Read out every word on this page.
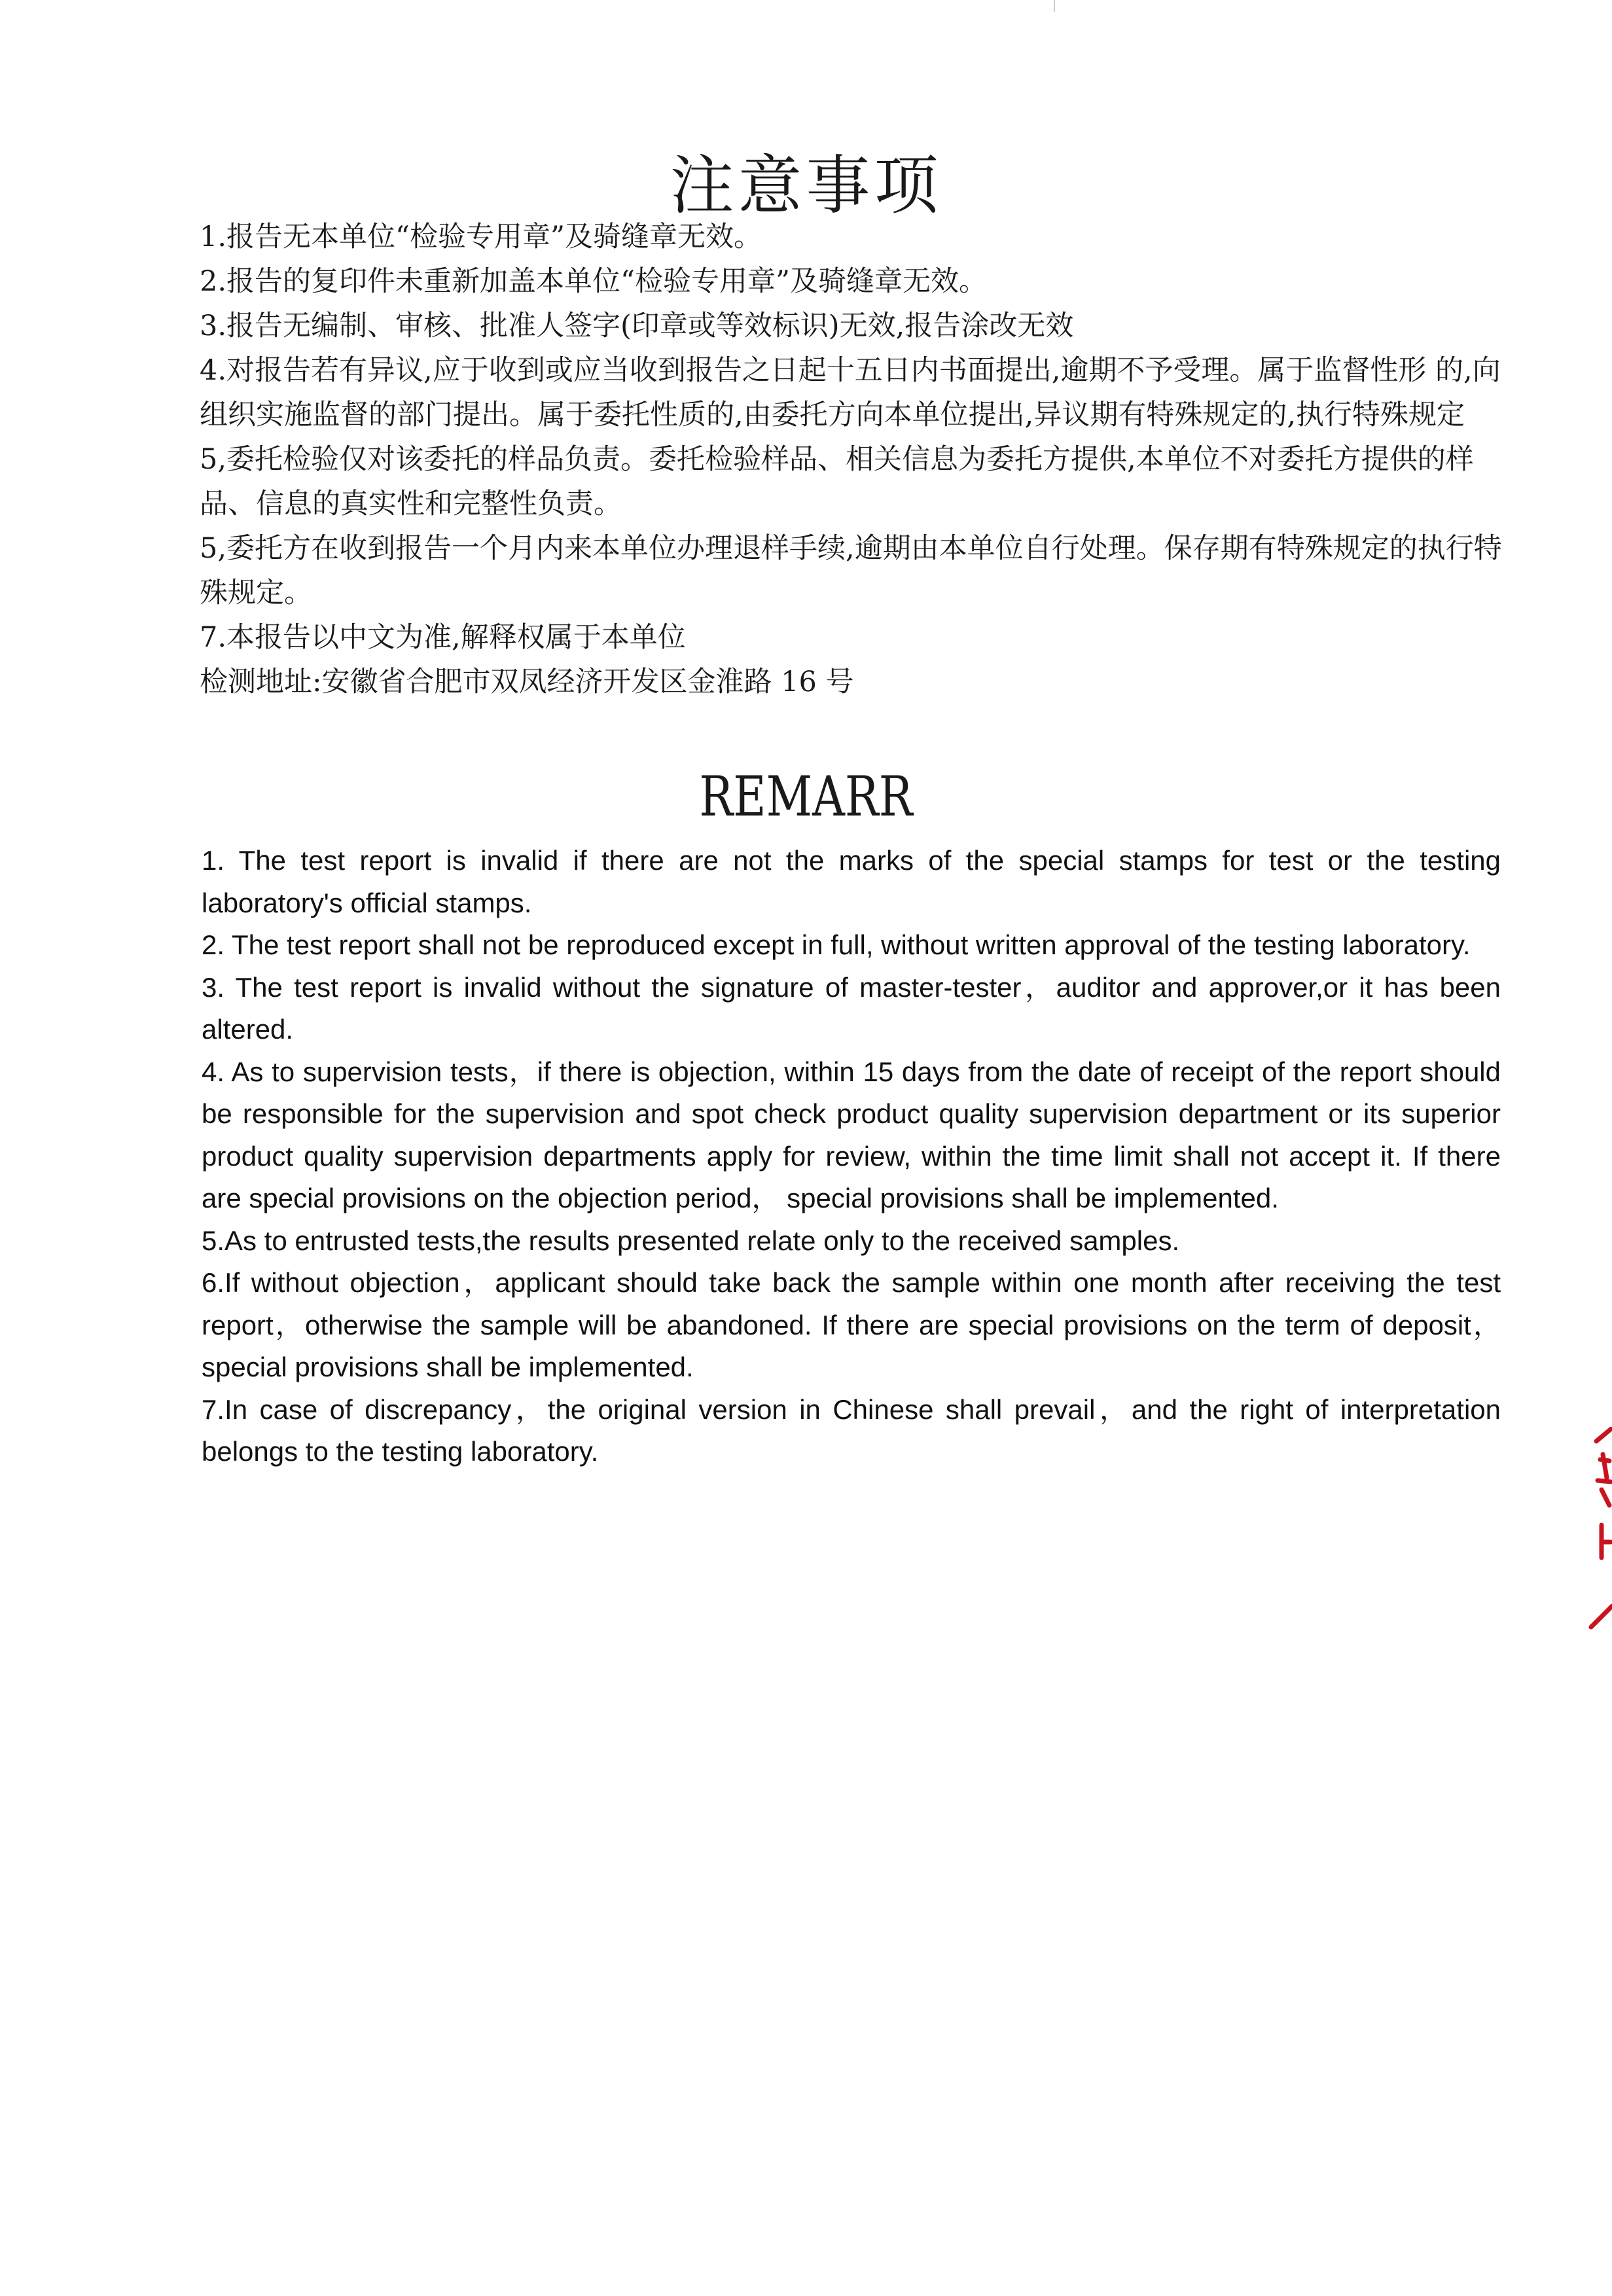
注意事项

1.报告无本单位“检验专用章”及骑缝章无效。

2.报告的复印件未重新加盖本单位“检验专用章”及骑缝章无效。

3.报告无编制、审核、批准人签字(印章或等效标识)无效,报告涂改无效

4.对报告若有异议,应于收到或应当收到报告之日起十五日内书面提出,逾期不予受理。属于监督性形 的,向组织实施监督的部门提出。属于委托性质的,由委托方向本单位提出,异议期有特殊规定的,执行特殊规定

5,委托检验仅对该委托的样品负责。委托检验样品、相关信息为委托方提供,本单位不对委托方提供的样品、信息的真实性和完整性负责。

5,委托方在收到报告一个月内来本单位办理退样手续,逾期由本单位自行处理。保存期有特殊规定的执行特殊规定。

7.本报告以中文为准,解释权属于本单位

检测地址:安徽省合肥市双凤经济开发区金淮路 16 号

REMARR

1. The test report is invalid if there are not the marks of the special stamps for test or the testing laboratory's official stamps.

2. The test report shall not be reproduced except in full, without written approval of the testing laboratory.

3. The test report is invalid without the signature of master-tester，auditor and approver,or it has been altered.

4. As to supervision tests，if there is objection, within 15 days from the date of receipt of the report should be responsible for the supervision and spot check product quality supervision department or its superior product quality supervision departments apply for review, within the time limit shall not accept it. If there are special provisions on the objection period， special provisions shall be implemented.

5.As to entrusted tests,the results presented relate only to the received samples.

6.If without objection，applicant should take back the sample within one month after receiving the test report，otherwise the sample will be abandoned. If there are special provisions on the term of deposit，special provisions shall be implemented.

7.In case of discrepancy，the original version in Chinese shall prevail，and the right of interpretation belongs to the testing laboratory.
